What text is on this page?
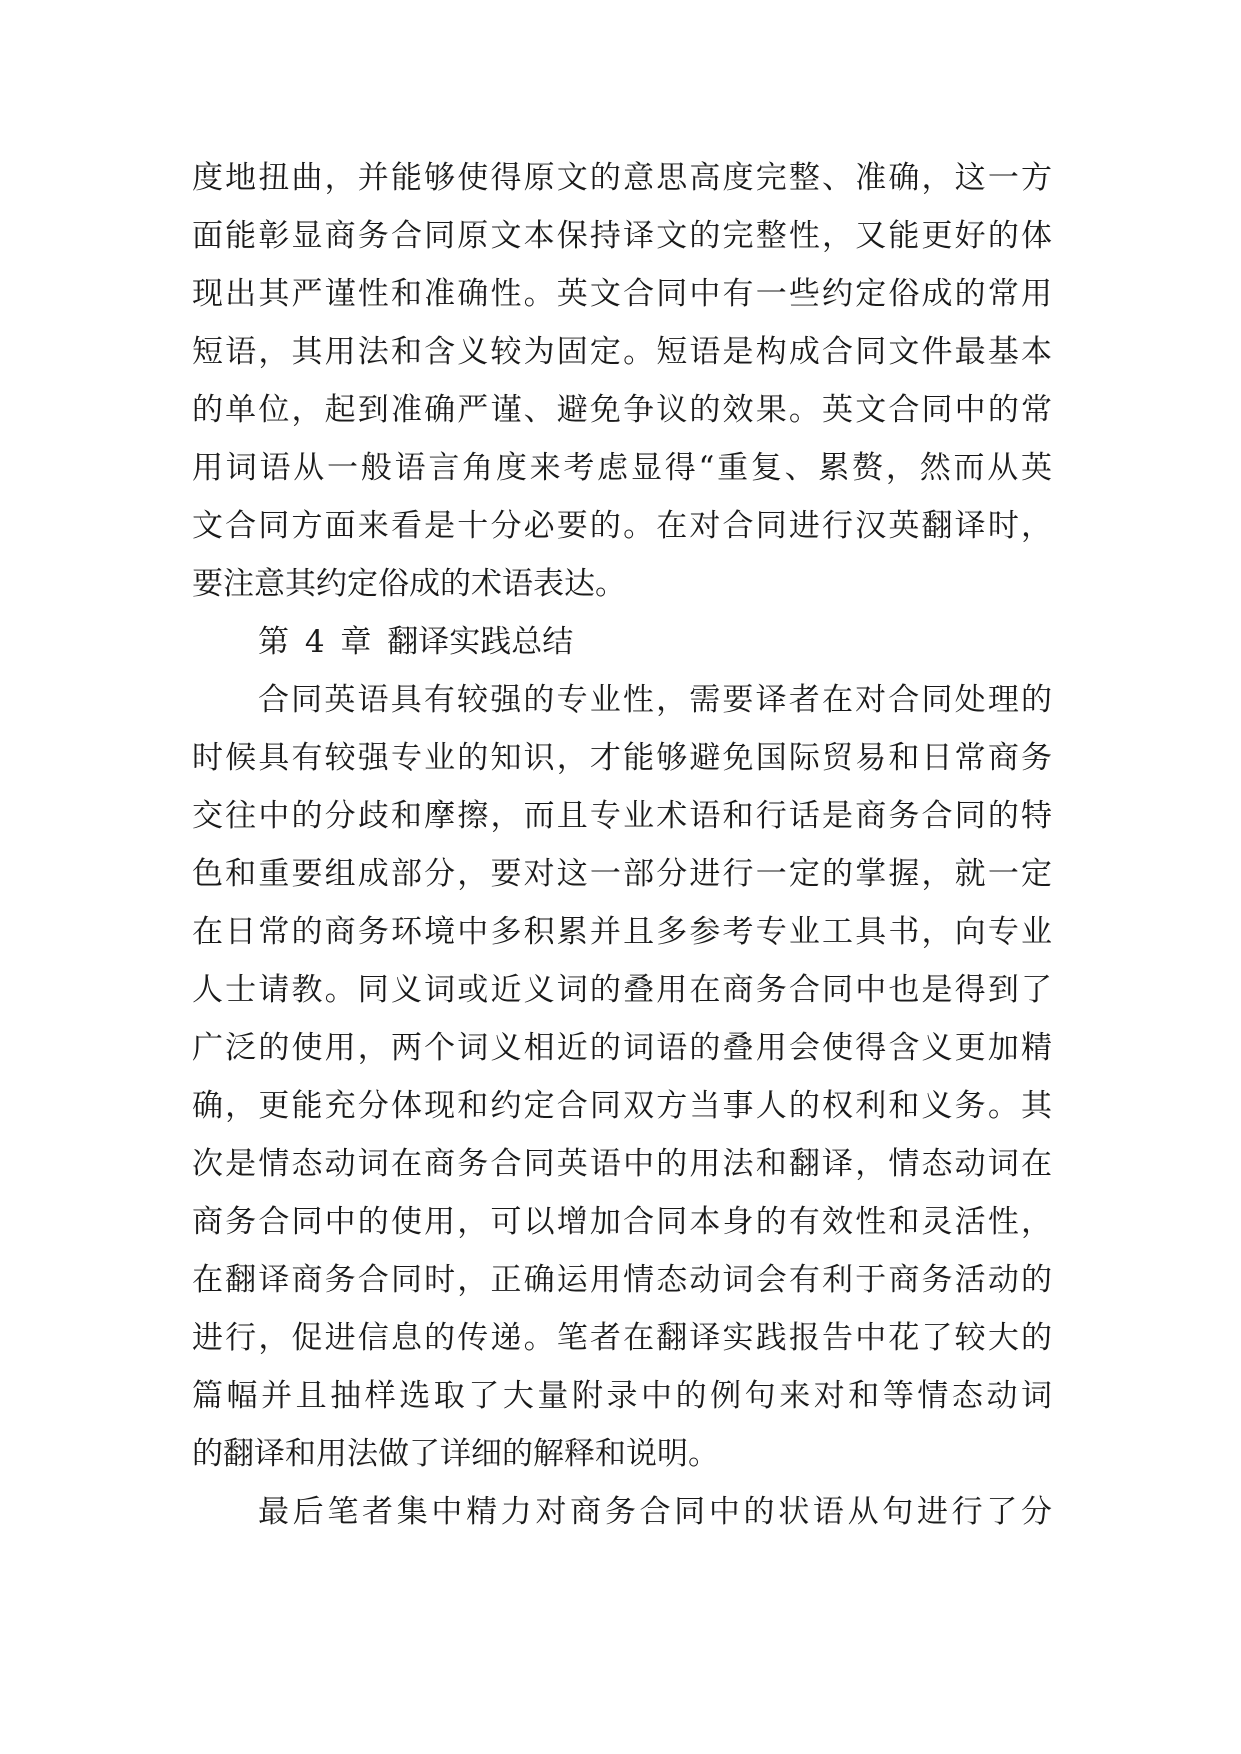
度地扭曲，并能够使得原文的意思高度完整、准确，这一方
面能彰显商务合同原文本保持译文的完整性，又能更好的体
现出其严谨性和准确性。英文合同中有一些约定俗成的常用
短语，其用法和含义较为固定。短语是构成合同文件最基本
的单位，起到准确严谨、避免争议的效果。英文合同中的常
用词语从一般语言角度来考虑显得“重复、累赘，然而从英
文合同方面来看是十分必要的。在对合同进行汉英翻译时，
要注意其约定俗成的术语表达。
第 4 章 翻译实践总结
合同英语具有较强的专业性，需要译者在对合同处理的
时候具有较强专业的知识，才能够避免国际贸易和日常商务
交往中的分歧和摩擦，而且专业术语和行话是商务合同的特
色和重要组成部分，要对这一部分进行一定的掌握，就一定
在日常的商务环境中多积累并且多参考专业工具书，向专业
人士请教。同义词或近义词的叠用在商务合同中也是得到了
广泛的使用，两个词义相近的词语的叠用会使得含义更加精
确，更能充分体现和约定合同双方当事人的权利和义务。其
次是情态动词在商务合同英语中的用法和翻译，情态动词在
商务合同中的使用，可以增加合同本身的有效性和灵活性，
在翻译商务合同时，正确运用情态动词会有利于商务活动的
进行，促进信息的传递。笔者在翻译实践报告中花了较大的
篇幅并且抽样选取了大量附录中的例句来对和等情态动词
的翻译和用法做了详细的解释和说明。
最后笔者集中精力对商务合同中的状语从句进行了分
